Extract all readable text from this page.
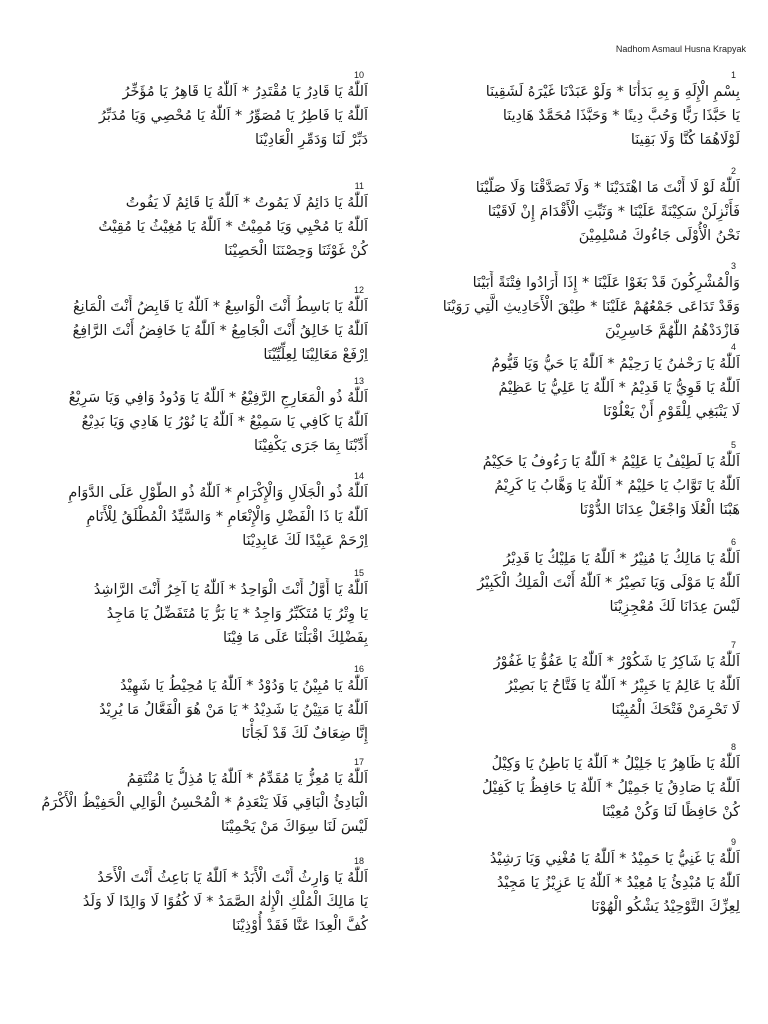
Nadhom Asmaul Husna Krapyak
10
اَللّٰهُ يَا قَادِرُ يَا مُقْتَدِرُ * اَللّٰهُ يَا قَاهِرُ يَا مُؤَخِّرُ
اَللّٰهُ يَا فَاطِرُ يَا مُصَوِّرُ * اَللّٰهُ يَا مُحْصِي وَيَا مُدَبِّرُ
دَبِّرْ لَنَا وَدَمِّرِ الْعَادِيْنَا
11
اَللّٰهُ يَا دَائِمُ لَا يَمُوتُ * اَللّٰهُ يَا قَائِمُ لَا يَفُوتُ
اَللّٰهُ يَا مُحْيِي وَيَا مُمِيْتُ * اَللّٰهُ يَا مُغِيْثُ يَا مُقِيْتُ
كُنْ غَوْثَنَا وَحِصْنَنَا الْحَصِيْنَا
12
اَللّٰهُ يَا بَاسِطُ أَنْتَ الْوَاسِعُ * اَللّٰهُ يَا قَابِضُ أَنْتَ الْمَانِعُ
اَللّٰهُ يَا خَالِقُ أَنْتَ الْجَامِعُ * اَللّٰهُ يَا خَافِضُ أَنْتَ الرَّافِعُ
اِرْفَعْ مَعَالِيْنَا لِعِلِّيِّيْنَا
13
اَللّٰهُ ذُو الْمَعَارِجِ الرَّفِيْعُ * اَللّٰهُ يَا وَدُودُ وَافِي وَيَا سَرِيْعُ
اَللّٰهُ يَا كَافِي يَا سَمِيْعُ * اَللّٰهُ يَا نُوْرُ يَا هَادِي وَيَا بَدِيْعُ
أَدِّبْنَا بِمَا جَرَى يَكْفِيْنَا
14
اَللّٰهُ ذُو الْجَلَالِ وَالْإِكْرَامِ * اَللّٰهُ ذُو الطَّوْلِ عَلَى الدَّوَامِ
اَللّٰهُ يَا ذَا الْفَضْلِ وَالْإِنْعَامِ * وَالسَّيِّدُ الْمُطْلَقُ لِلْأَنَامِ
اِرْحَمْ عَبِيْدًا لَكَ عَابِدِيْنَا
15
اَللّٰهُ يَا أَوَّلُ أَنْتَ الْوَاحِدُ * اَللّٰهُ يَا آخِرُ أَنْتَ الرَّاشِدُ
يَا وِتْرُ يَا مُتَكَبِّرُ وَاجِدُ * يَا بَرُّ يَا مُتَفَضِّلُ يَا مَاجِدُ
بِفَضْلِكَ اقْبَلْنَا عَلَى مَا فِيْنَا
16
اَللّٰهُ يَا مُبِيْنُ يَا وَدُوْدُ * اَللّٰهُ يَا مُحِيْطُ يَا شَهِيْدُ
اَللّٰهُ يَا مَتِيْنُ يَا شَدِيْدُ * يَا مَنْ هُوَ الْفَعَّالُ مَا يُرِيْدُ
إِنَّا ضِعَافٌ لَكَ قَدْ لَجَأْنَا
17
اَللّٰهُ يَا مُعِزُّ يَا مُقَدِّمُ * اَللّٰهُ يَا مُذِلُّ يَا مُنْتَقِمُ
الْبَادِئُ الْبَاقِي فَلَا يَنْعَدِمُ * الْمُحْسِنُ الْوَالِي الْحَفِيْظُ الْأَكْرَمُ
لَيْسَ لَنَا سِوَاكَ مَنْ يَحْمِيْنَا
18
اَللّٰهُ يَا وَارِثُ أَنْتَ الْأَبَدُ * اَللّٰهُ يَا بَاعِثُ أَنْتَ الْأَحَدُ
يَا مَالِكَ الْمُلْكِ الْإِلٰهُ الصَّمَدُ * لَا كُفُوًا لَا وَالِدًا لَا وَلَدُ
كُفَّ الْعِدَا عَنَّا فَقَدْ أُوْذِيْنَا
1
بِسْمِ الْإِلَهِ وَ بِهِ بَدَأْنَا * وَلَوْ عَبَدْنَا غَيْرَهُ لَشَقِينَا
يَا حَبَّذَا رَبًّا وَحُبَّ دِينًا * وَحَبَّذَا مُحَمَّدٌ هَادِينَا
لَوْلَاهُمَا كُنَّا وَلَا بَقِينَا
2
اَللّٰهُ لَوْ لَا أَنْتَ مَا اهْتَدَيْنَا * وَلَا تَصَدَّقْنَا وَلَا صَلَّيْنَا
فَأَنْزِلَنْ سَكِيْنَةً عَلَيْنَا * وَثَبِّتِ الْأَقْدَامَ إِنْ لَاقَيْنَا
نَحْنُ الْأُوْلَى جَاءُوكَ مُسْلِمِيْنَ
3
وَالْمُشْرِكُونَ قَدْ بَغَوْا عَلَيْنَا * إِذَا أَرَادُوا فِتْنَةً أَبَيْنَا
وَقَدْ تَدَاعَى جَمْعُهُمْ عَلَيْنَا * طِبْقَ الْأَحَادِيثِ الَّتِي رَوَيْنَا
فَازْدَدْهُمُ اللّٰهُمَّ خَاسِرِيْنَ
4
اَللّٰهُ يَا رَحْمٰنُ يَا رَحِيْمُ * اَللّٰهُ يَا حَيُّ وَيَا قَيُّومُ
اَللّٰهُ يَا قَوِيُّ يَا قَدِيْمُ * اَللّٰهُ يَا عَلِيُّ يَا عَظِيْمُ
لَا يَنْبَغِي لِلْقَوْمِ أَنْ يَعْلُوْنَا
5
اَللّٰهُ يَا لَطِيْفُ يَا عَلِيْمُ * اَللّٰهُ يَا رَءُوفُ يَا حَكِيْمُ
اَللّٰهُ يَا تَوَّابُ يَا حَلِيْمُ * اَللّٰهُ يَا وَهَّابُ يَا كَرِيْمُ
هَبْنَا الْعُلَا وَاجْعَلْ عِدَانَا الدُّوْنَا
6
اَللّٰهُ يَا مَالِكُ يَا مُنِيْرُ * اَللّٰهُ يَا مَلِيْكُ يَا قَدِيْرُ
اَللّٰهُ يَا مَوْلَى وَيَا نَصِيْرُ * اَللّٰهُ أَنْتَ الْمَلِكُ الْكَبِيْرُ
لَيْسَ عِدَانَا لَكَ مُعْجِزِيْنَا
7
اَللّٰهُ يَا شَاكِرُ يَا شَكُوْرُ * اَللّٰهُ يَا عَفُوُّ يَا غَفُوْرُ
اَللّٰهُ يَا عَالِمُ يَا خَبِيْرُ * اَللّٰهُ يَا فَتَّاحُ يَا بَصِيْرُ
لَا تَحْرِمَنْ فَتْحَكَ الْمُبِيْنَا
8
اَللّٰهُ يَا ظَاهِرُ يَا جَلِيْلُ * اَللّٰهُ يَا بَاطِنُ يَا وَكِيْلُ
اَللّٰهُ يَا صَادِقُ يَا جَمِيْلُ * اَللّٰهُ يَا حَافِظُ يَا كَفِيْلُ
كُنْ حَافِظًا لَنَا وَكُنْ مُعِيْنَا
9
اَللّٰهُ يَا غَنِيُّ يَا حَمِيْدُ * اَللّٰهُ يَا مُغْنِي وَيَا رَشِيْدُ
اَللّٰهُ يَا مُبْدِئُ يَا مُعِيْدُ * اَللّٰهُ يَا عَزِيْزُ يَا مَجِيْدُ
لِعِزِّكَ التَّوْحِيْدُ يَشْكُو الْهُوْنَا
